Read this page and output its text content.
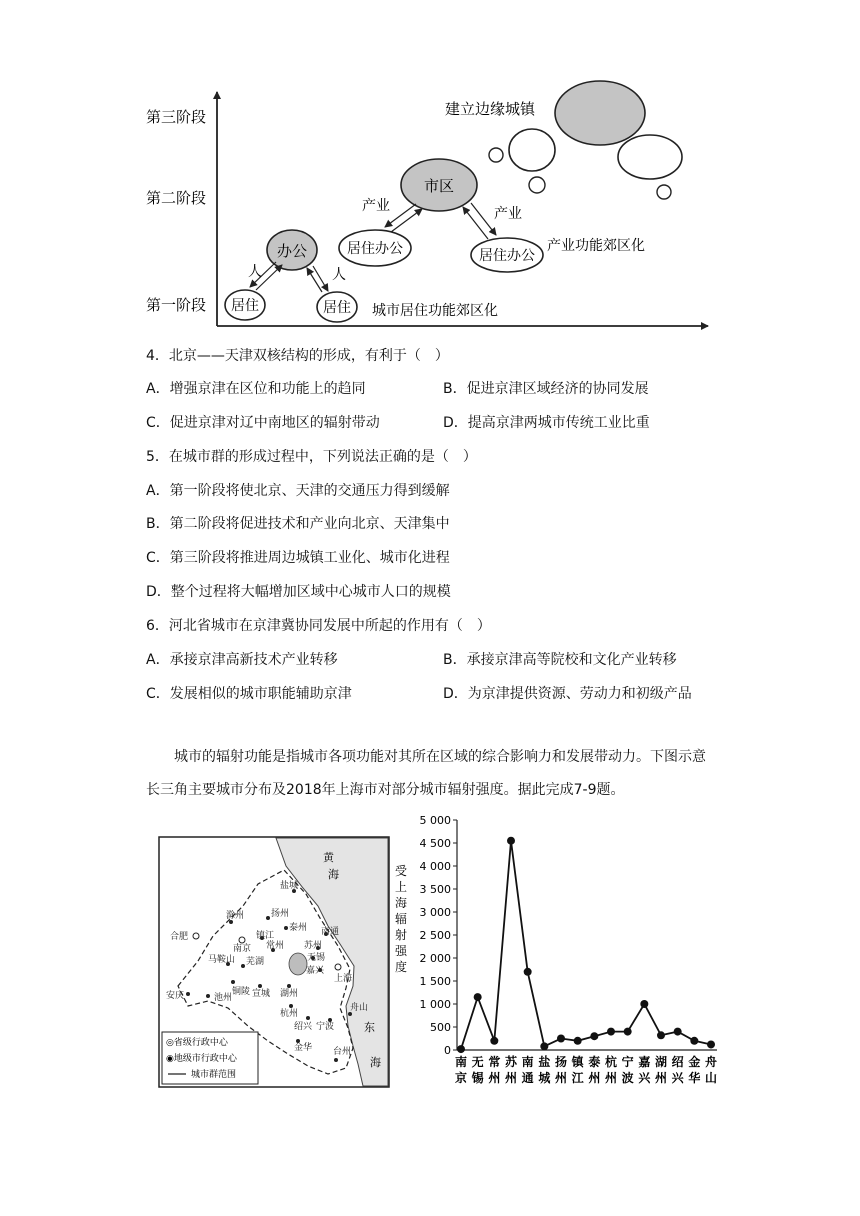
第三阶段
第二阶段
第一阶段
办公
居住	居住
人	人
城市居住功能郊区化
市区
居住办公	居住办公
产业	产业
产业功能郊区化
建立边缘城镇
4．北京——天津双核结构的形成，有利于（　）
A．增强京津在区位和功能上的趋同	B．促进京津区域经济的协同发展
C．促进京津对辽中南地区的辐射带动	D．提高京津两城市传统工业比重
5．在城市群的形成过程中，下列说法正确的是（　）
A．第一阶段将使北京、天津的交通压力得到缓解
B．第二阶段将促进技术和产业向北京、天津集中
C．第三阶段将推进周边城镇工业化、城市化进程
D．整个过程将大幅增加区域中心城市人口的规模
6．河北省城市在京津冀协同发展中所起的作用有（　）
A．承接京津高新技术产业转移	B．承接京津高等院校和文化产业转移
C．发展相似的城市职能辅助京津	D．为京津提供资源、劳动力和初级产品
城市的辐射功能是指城市各项功能对其所在区域的综合影响力和发展带动力。下图示意长三角主要城市分布及2018年上海市对部分城市辐射强度。据此完成7-9题。
黄
海
东
海
盐城
滁州	扬州
泰州
合肥
南京
镇江	南通
常州 苏州
马鞍山 芜湖	无锡
嘉兴
上海
铜陵 宣城 湖州
安庆	池州
杭州
绍兴 宁波
舟山
金华 台州
◎省级行政中心
◉地级市行政中心
城市群范围
受
上
海
辐
射
强
度
0
500
1 000
1 500
2 000
2 500
3 000
3 500
4 000
4 500
5 000
南
京
无
锡
常
州
苏
州
南
通
盐
城
扬
州
镇
江
泰
州
杭
州
宁
波
嘉
兴
湖
州
绍
兴
金
华
舟
山
